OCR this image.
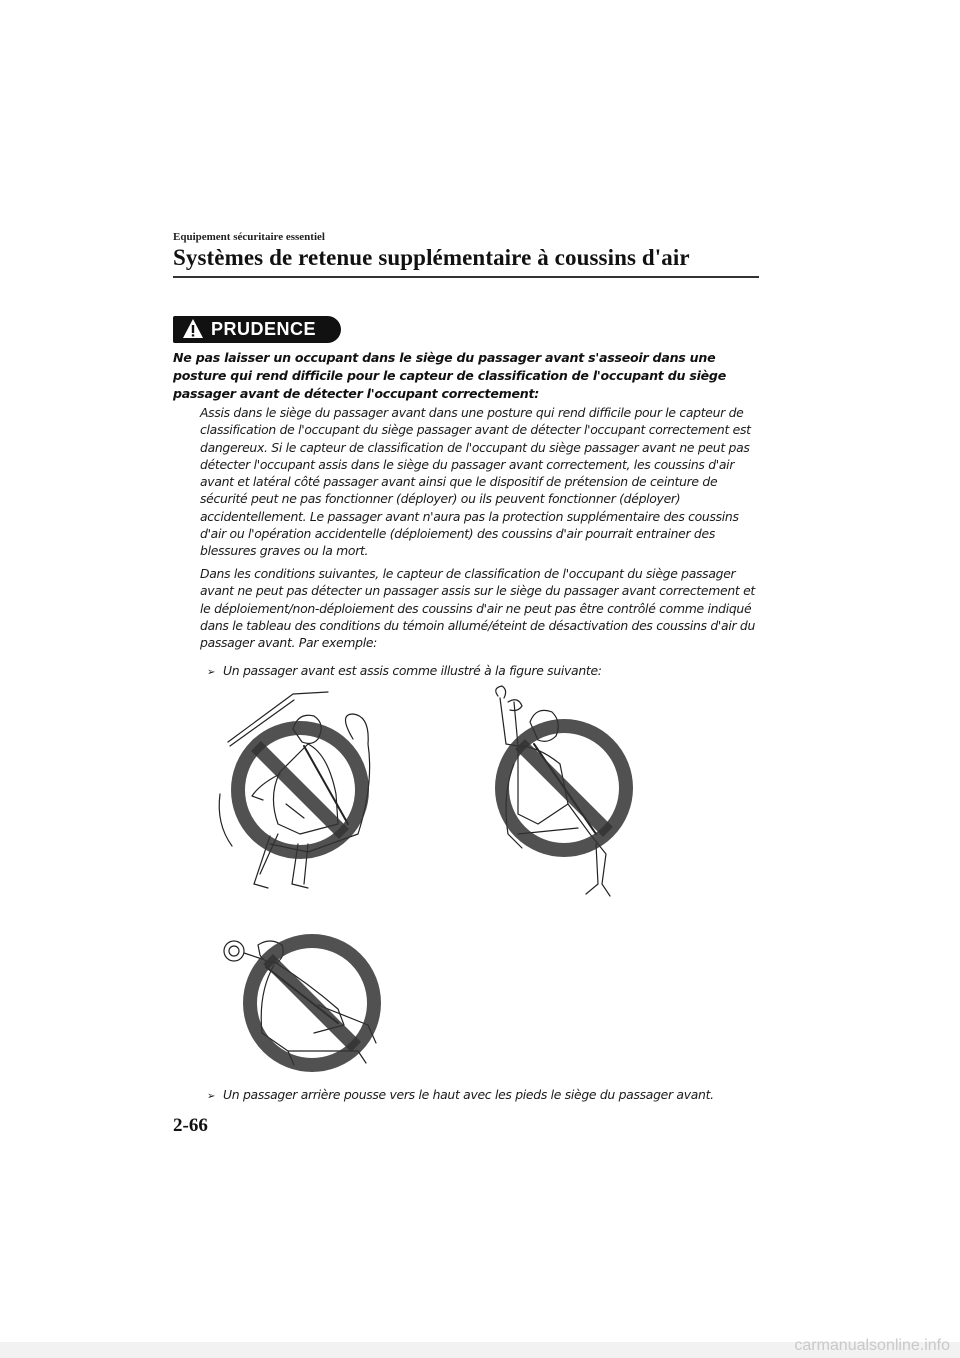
Equipement sécuritaire essentiel
Systèmes de retenue supplémentaire à coussins d'air
PRUDENCE
Ne pas laisser un occupant dans le siège du passager avant s'asseoir dans une posture qui rend difficile pour le capteur de classification de l'occupant du siège passager avant de détecter l'occupant correctement:
Assis dans le siège du passager avant dans une posture qui rend difficile pour le capteur de classification de l'occupant du siège passager avant de détecter l'occupant correctement est dangereux. Si le capteur de classification de l'occupant du siège passager avant ne peut pas détecter l'occupant assis dans le siège du passager avant correctement, les coussins d'air avant et latéral côté passager avant ainsi que le dispositif de prétension de ceinture de sécurité peut ne pas fonctionner (déployer) ou ils peuvent fonctionner (déployer) accidentellement. Le passager avant n'aura pas la protection supplémentaire des coussins d'air ou l'opération accidentelle (déploiement) des coussins d'air pourrait entrainer des blessures graves ou la mort.
Dans les conditions suivantes, le capteur de classification de l'occupant du siège passager avant ne peut pas détecter un passager assis sur le siège du passager avant correctement et le déploiement/non-déploiement des coussins d'air ne peut pas être contrôlé comme indiqué dans le tableau des conditions du témoin allumé/éteint de désactivation des coussins d'air du passager avant. Par exemple:
➢ Un passager avant est assis comme illustré à la figure suivante:
➢ Un passager arrière pousse vers le haut avec les pieds le siège du passager avant.
2-66
carmanualsonline.info
